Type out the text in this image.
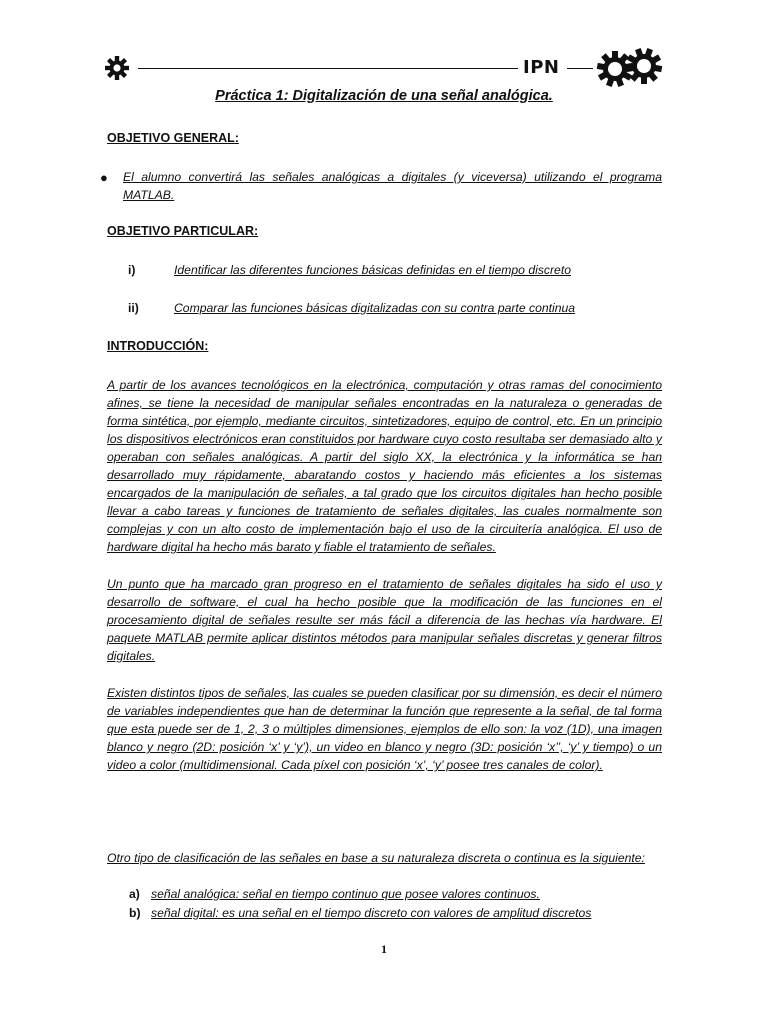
IPN
Práctica 1: Digitalización de una señal analógica.
OBJETIVO GENERAL:
● El alumno convertirá las señales analógicas a digitales (y viceversa) utilizando el programa MATLAB.
OBJETIVO PARTICULAR:
i)	Identificar las diferentes funciones básicas definidas en el tiempo discreto
ii)	Comparar las funciones básicas digitalizadas con su contra parte continua
INTRODUCCIÓN:
A partir de los avances tecnológicos en la electrónica, computación y otras ramas del conocimiento afines, se tiene la necesidad de manipular señales encontradas en la naturaleza o generadas de forma sintética, por ejemplo, mediante circuitos, sintetizadores, equipo de control, etc. En un principio los dispositivos electrónicos eran constituidos por hardware cuyo costo resultaba ser demasiado alto y operaban con señales analógicas. A partir del siglo XX, la electrónica y la informática se han desarrollado muy rápidamente, abaratando costos y haciendo más eficientes a los sistemas encargados de la manipulación de señales, a tal grado que los circuitos digitales han hecho posible llevar a cabo tareas y funciones de tratamiento de señales digitales, las cuales normalmente son complejas y con un alto costo de implementación bajo el uso de la circuitería analógica. El uso de hardware digital ha hecho más barato y fiable el tratamiento de señales.
Un punto que ha marcado gran progreso en el tratamiento de señales digitales ha sido el uso y desarrollo de software, el cual ha hecho posible que la modificación de las funciones en el procesamiento digital de señales resulte ser más fácil a diferencia de las hechas vía hardware. El paquete MATLAB permite aplicar distintos métodos para manipular señales discretas y generar filtros digitales.
Existen distintos tipos de señales, las cuales se pueden clasificar por su dimensión, es decir el número de variables independientes que han de determinar la función que represente a la señal, de tal forma que esta puede ser de 1, 2, 3 o múltiples dimensiones, ejemplos de ello son: la voz (1D), una imagen blanco y negro (2D: posición ‘x’ y ‘y’), un video en blanco y negro (3D: posición ‘x’’, ‘y’ y tiempo) o un video a color (multidimensional. Cada píxel con posición ‘x’, ‘y’ posee tres canales de color).
Otro tipo de clasificación de las señales en base a su naturaleza discreta o continua es la siguiente:
a) señal analógica: señal en tiempo continuo que posee valores continuos.
b) señal digital: es una señal en el tiempo discreto con valores de amplitud discretos
1
